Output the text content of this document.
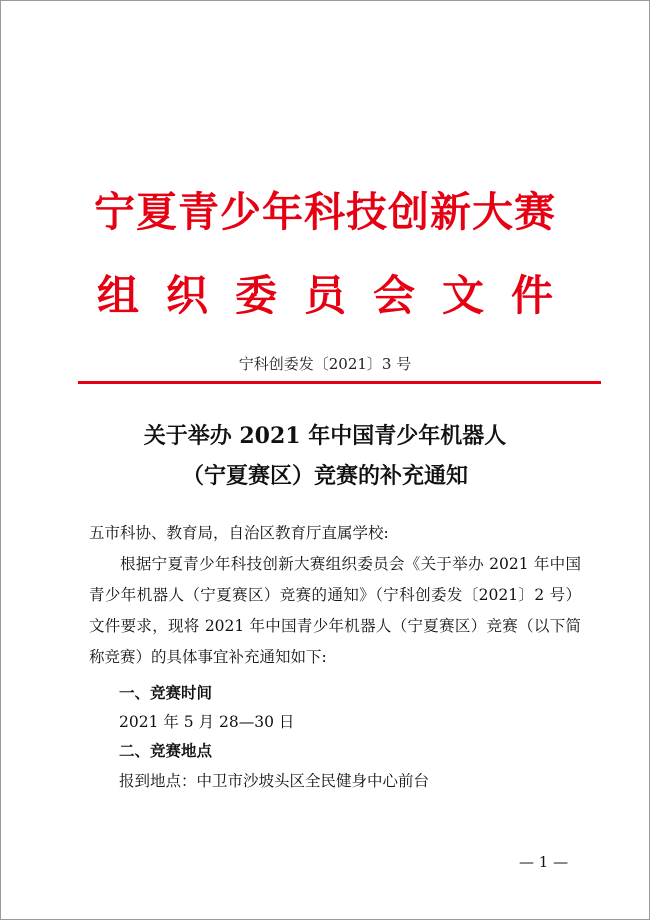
宁夏青少年科技创新大赛
组织委员会文件
宁科创委发〔2021〕3 号
关于举办 2021 年中国青少年机器人
（宁夏赛区）竞赛的补充通知
五市科协、教育局，自治区教育厅直属学校:
根据宁夏青少年科技创新大赛组织委员会《关于举办 2021 年中国青少年机器人（宁夏赛区）竞赛的通知》（宁科创委发〔2021〕2 号）文件要求，现将 2021 年中国青少年机器人（宁夏赛区）竞赛（以下简称竞赛）的具体事宜补充通知如下:
一、竞赛时间
2021 年 5 月 28—30 日
二、竞赛地点
报到地点：中卫市沙坡头区全民健身中心前台
— 1 —
